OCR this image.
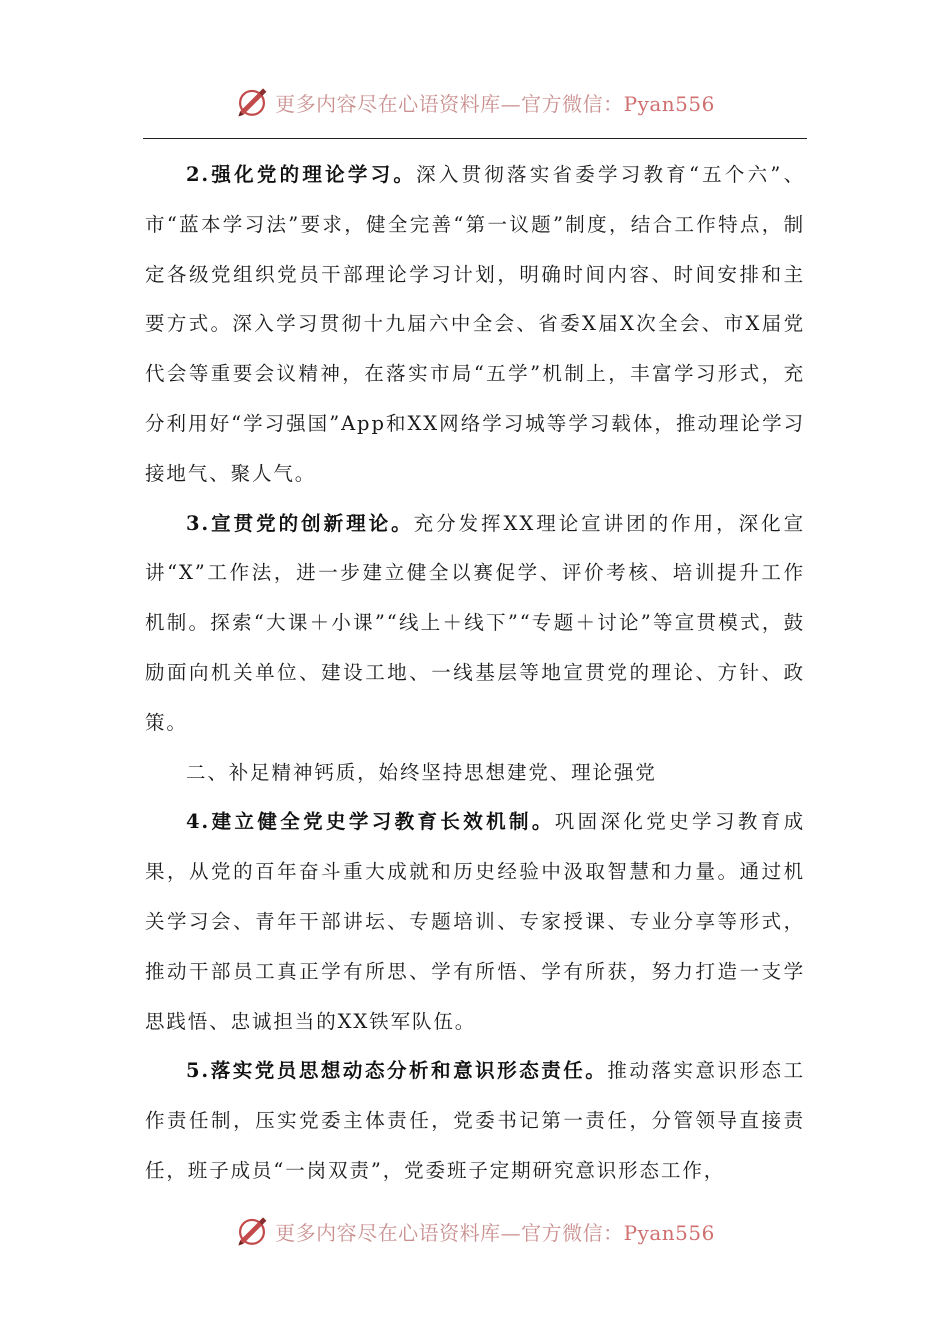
更多内容尽在心语资料库—官方微信：Pyan556

2.强化党的理论学习。深入贯彻落实省委学习教育“五个六”、市“蓝本学习法”要求，健全完善“第一议题”制度，结合工作特点，制定各级党组织党员干部理论学习计划，明确时间内容、时间安排和主要方式。深入学习贯彻十九届六中全会、省委X届X次全会、市X届党代会等重要会议精神，在落实市局“五学”机制上，丰富学习形式，充分利用好“学习强国”App和XX网络学习城等学习载体，推动理论学习接地气、聚人气。

3.宣贯党的创新理论。充分发挥XX理论宣讲团的作用，深化宣讲“X”工作法，进一步建立健全以赛促学、评价考核、培训提升工作机制。探索“大课＋小课”“线上＋线下”“专题＋讨论”等宣贯模式，鼓励面向机关单位、建设工地、一线基层等地宣贯党的理论、方针、政策。

二、补足精神钙质，始终坚持思想建党、理论强党

4.建立健全党史学习教育长效机制。巩固深化党史学习教育成果，从党的百年奋斗重大成就和历史经验中汲取智慧和力量。通过机关学习会、青年干部讲坛、专题培训、专家授课、专业分享等形式，推动干部员工真正学有所思、学有所悟、学有所获，努力打造一支学思践悟、忠诚担当的XX铁军队伍。

5.落实党员思想动态分析和意识形态责任。推动落实意识形态工作责任制，压实党委主体责任，党委书记第一责任，分管领导直接责任，班子成员“一岗双责”，党委班子定期研究意识形态工作，

更多内容尽在心语资料库—官方微信：Pyan556
